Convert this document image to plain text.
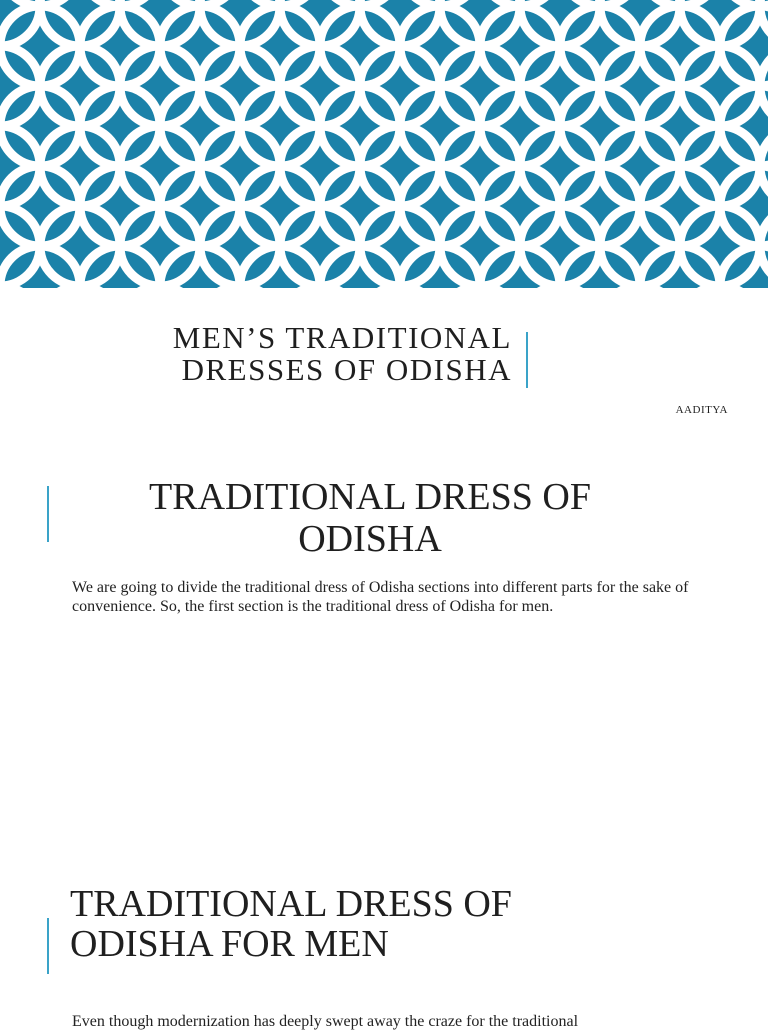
MEN’S TRADITIONAL
DRESSES OF ODISHA
AADITYA
TRADITIONAL DRESS OF ODISHA

We are going to divide the traditional dress of Odisha sections into different parts for the sake of convenience. So, the first section is the traditional dress of Odisha for men.

TRADITIONAL DRESS OF
ODISHA FOR MEN

Even though modernization has deeply swept away the craze for the traditional
